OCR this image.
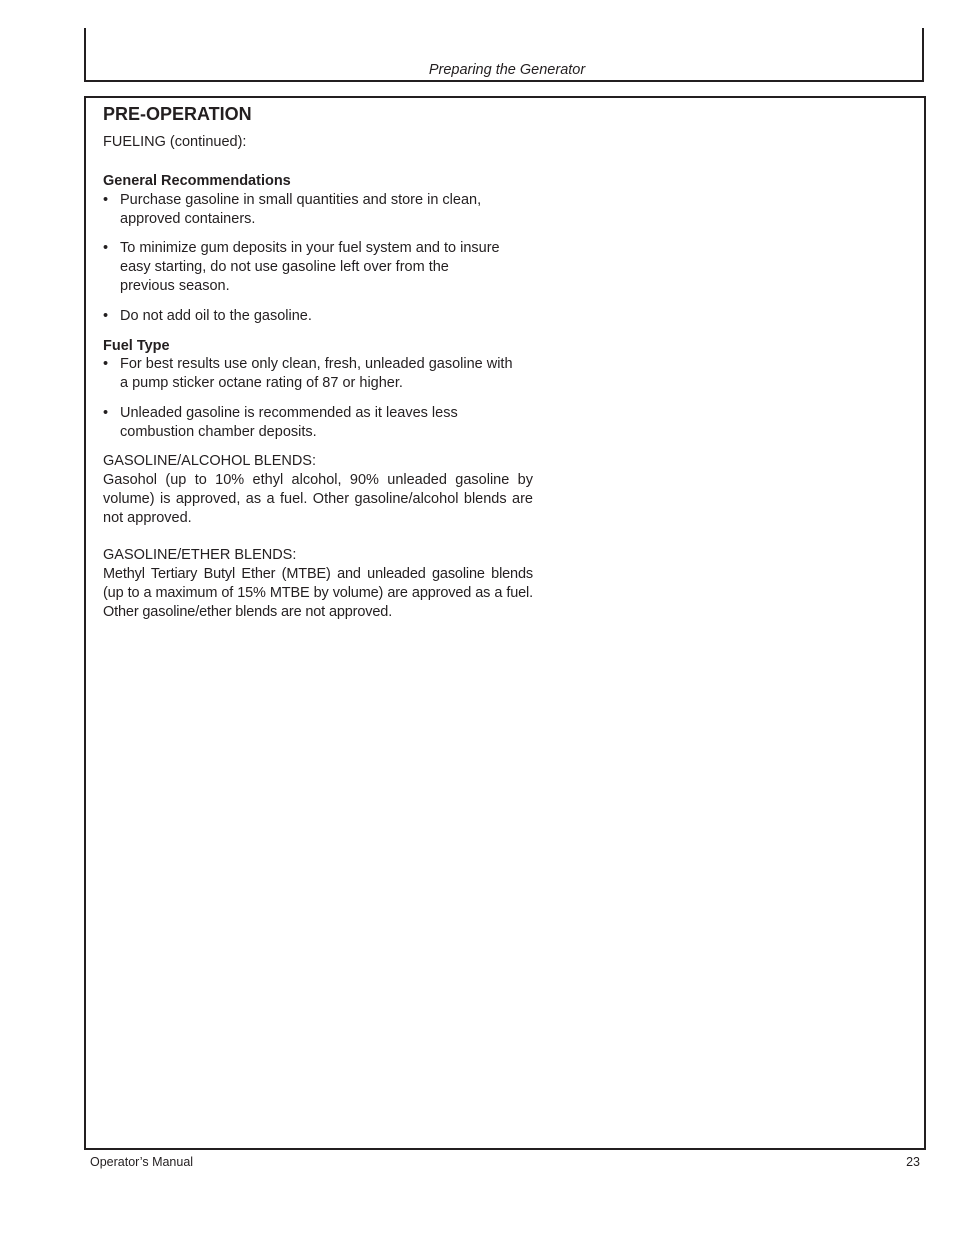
Preparing the Generator
PRE-OPERATION

FUELING (continued):

General Recommendations

• Purchase gasoline in small quantities and store in clean, approved containers.
• To minimize gum deposits in your fuel system and to insure easy starting, do not use gasoline left over from the previous season.
• Do not add oil to the gasoline.

Fuel Type

• For best results use only clean, fresh, unleaded gasoline with a pump sticker octane rating of 87 or higher.
• Unleaded gasoline is recommended as it leaves less combustion chamber deposits.

GASOLINE/ALCOHOL BLENDS:

Gasohol (up to 10% ethyl alcohol, 90% unleaded gasoline by volume) is approved, as a fuel. Other gasoline/alcohol blends are not approved.

GASOLINE/ETHER BLENDS:

Methyl Tertiary Butyl Ether (MTBE) and unleaded gasoline blends (up to a maximum of 15% MTBE by volume) are approved as a fuel. Other gasoline/ether blends are not approved.

Operator’s Manual	23
